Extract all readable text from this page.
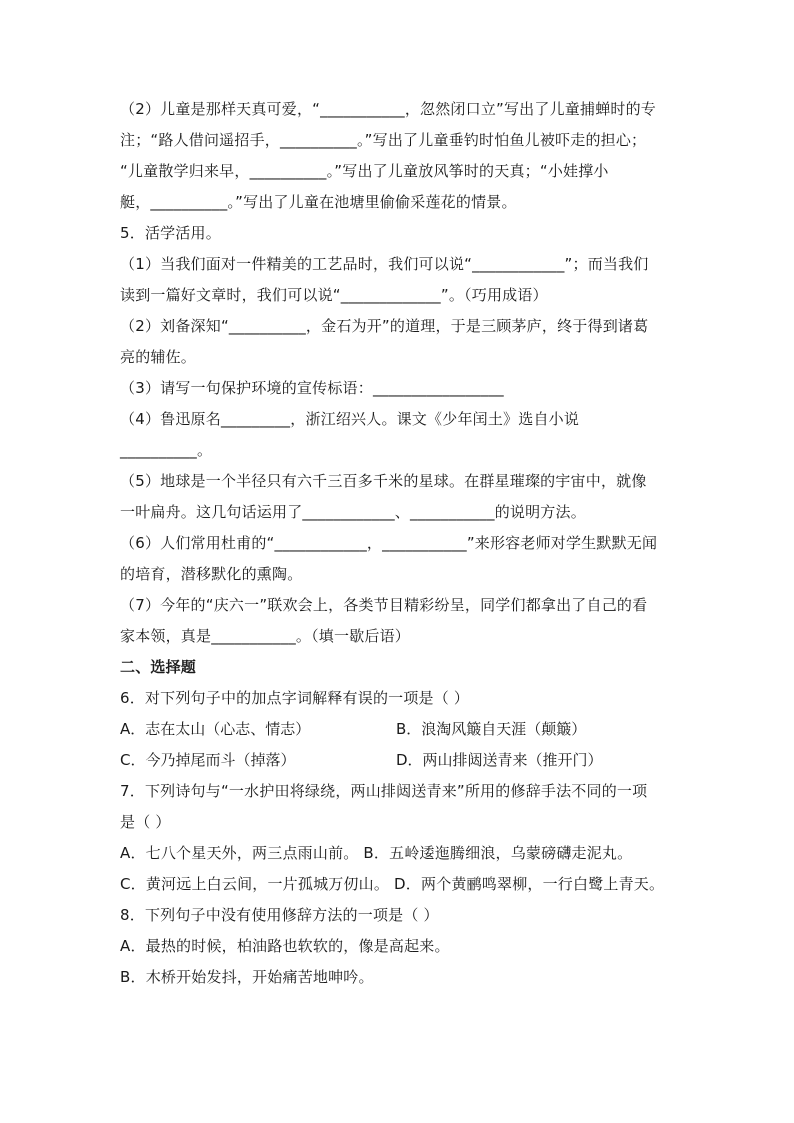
（2）儿童是那样天真可爱，“___________，忽然闭口立”写出了儿童捕蝉时的专
注；“路人借问遥招手，__________。”写出了儿童垂钓时怕鱼儿被吓走的担心；
“儿童散学归来早，__________。”写出了儿童放风筝时的天真；“小娃撑小
艇，__________。”写出了儿童在池塘里偷偷采莲花的情景。
5．活学活用。
（1）当我们面对一件精美的工艺品时，我们可以说“____________”；而当我们
读到一篇好文章时，我们可以说“_____________”。（巧用成语）
（2）刘备深知“__________，金石为开”的道理，于是三顾茅庐，终于得到诸葛
亮的辅佐。
（3）请写一句保护环境的宣传标语：_________________
（4）鲁迅原名_________，浙江绍兴人。课文《少年闰土》选自小说
__________。
（5）地球是一个半径只有六千三百多千米的星球。在群星璀璨的宇宙中，就像
一叶扁舟。这几句话运用了____________、___________的说明方法。
（6）人们常用杜甫的“____________，___________”来形容老师对学生默默无闻
的培育，潜移默化的熏陶。
（7）今年的“庆六一”联欢会上，各类节目精彩纷呈，同学们都拿出了自己的看
家本领，真是___________。（填一歇后语）
二、选择题
6．对下列句子中的加点字词解释有误的一项是（ ）
A．志在太山（心志、情志）	B．浪淘风簸自天涯（颠簸）
C．今乃掉尾而斗（掉落）	D．两山排闼送青来（推开门）
7．下列诗句与“一水护田将绿绕，两山排闼送青来”所用的修辞手法不同的一项
是（ ）
A．七八个星天外，两三点雨山前。 B．五岭逶迤腾细浪，乌蒙磅礴走泥丸。
C．黄河远上白云间，一片孤城万仞山。 D．两个黄鹂鸣翠柳，一行白鹭上青天。
8．下列句子中没有使用修辞方法的一项是（ ）
A．最热的时候，柏油路也软软的，像是高起来。
B．木桥开始发抖，开始痛苦地呻吟。
